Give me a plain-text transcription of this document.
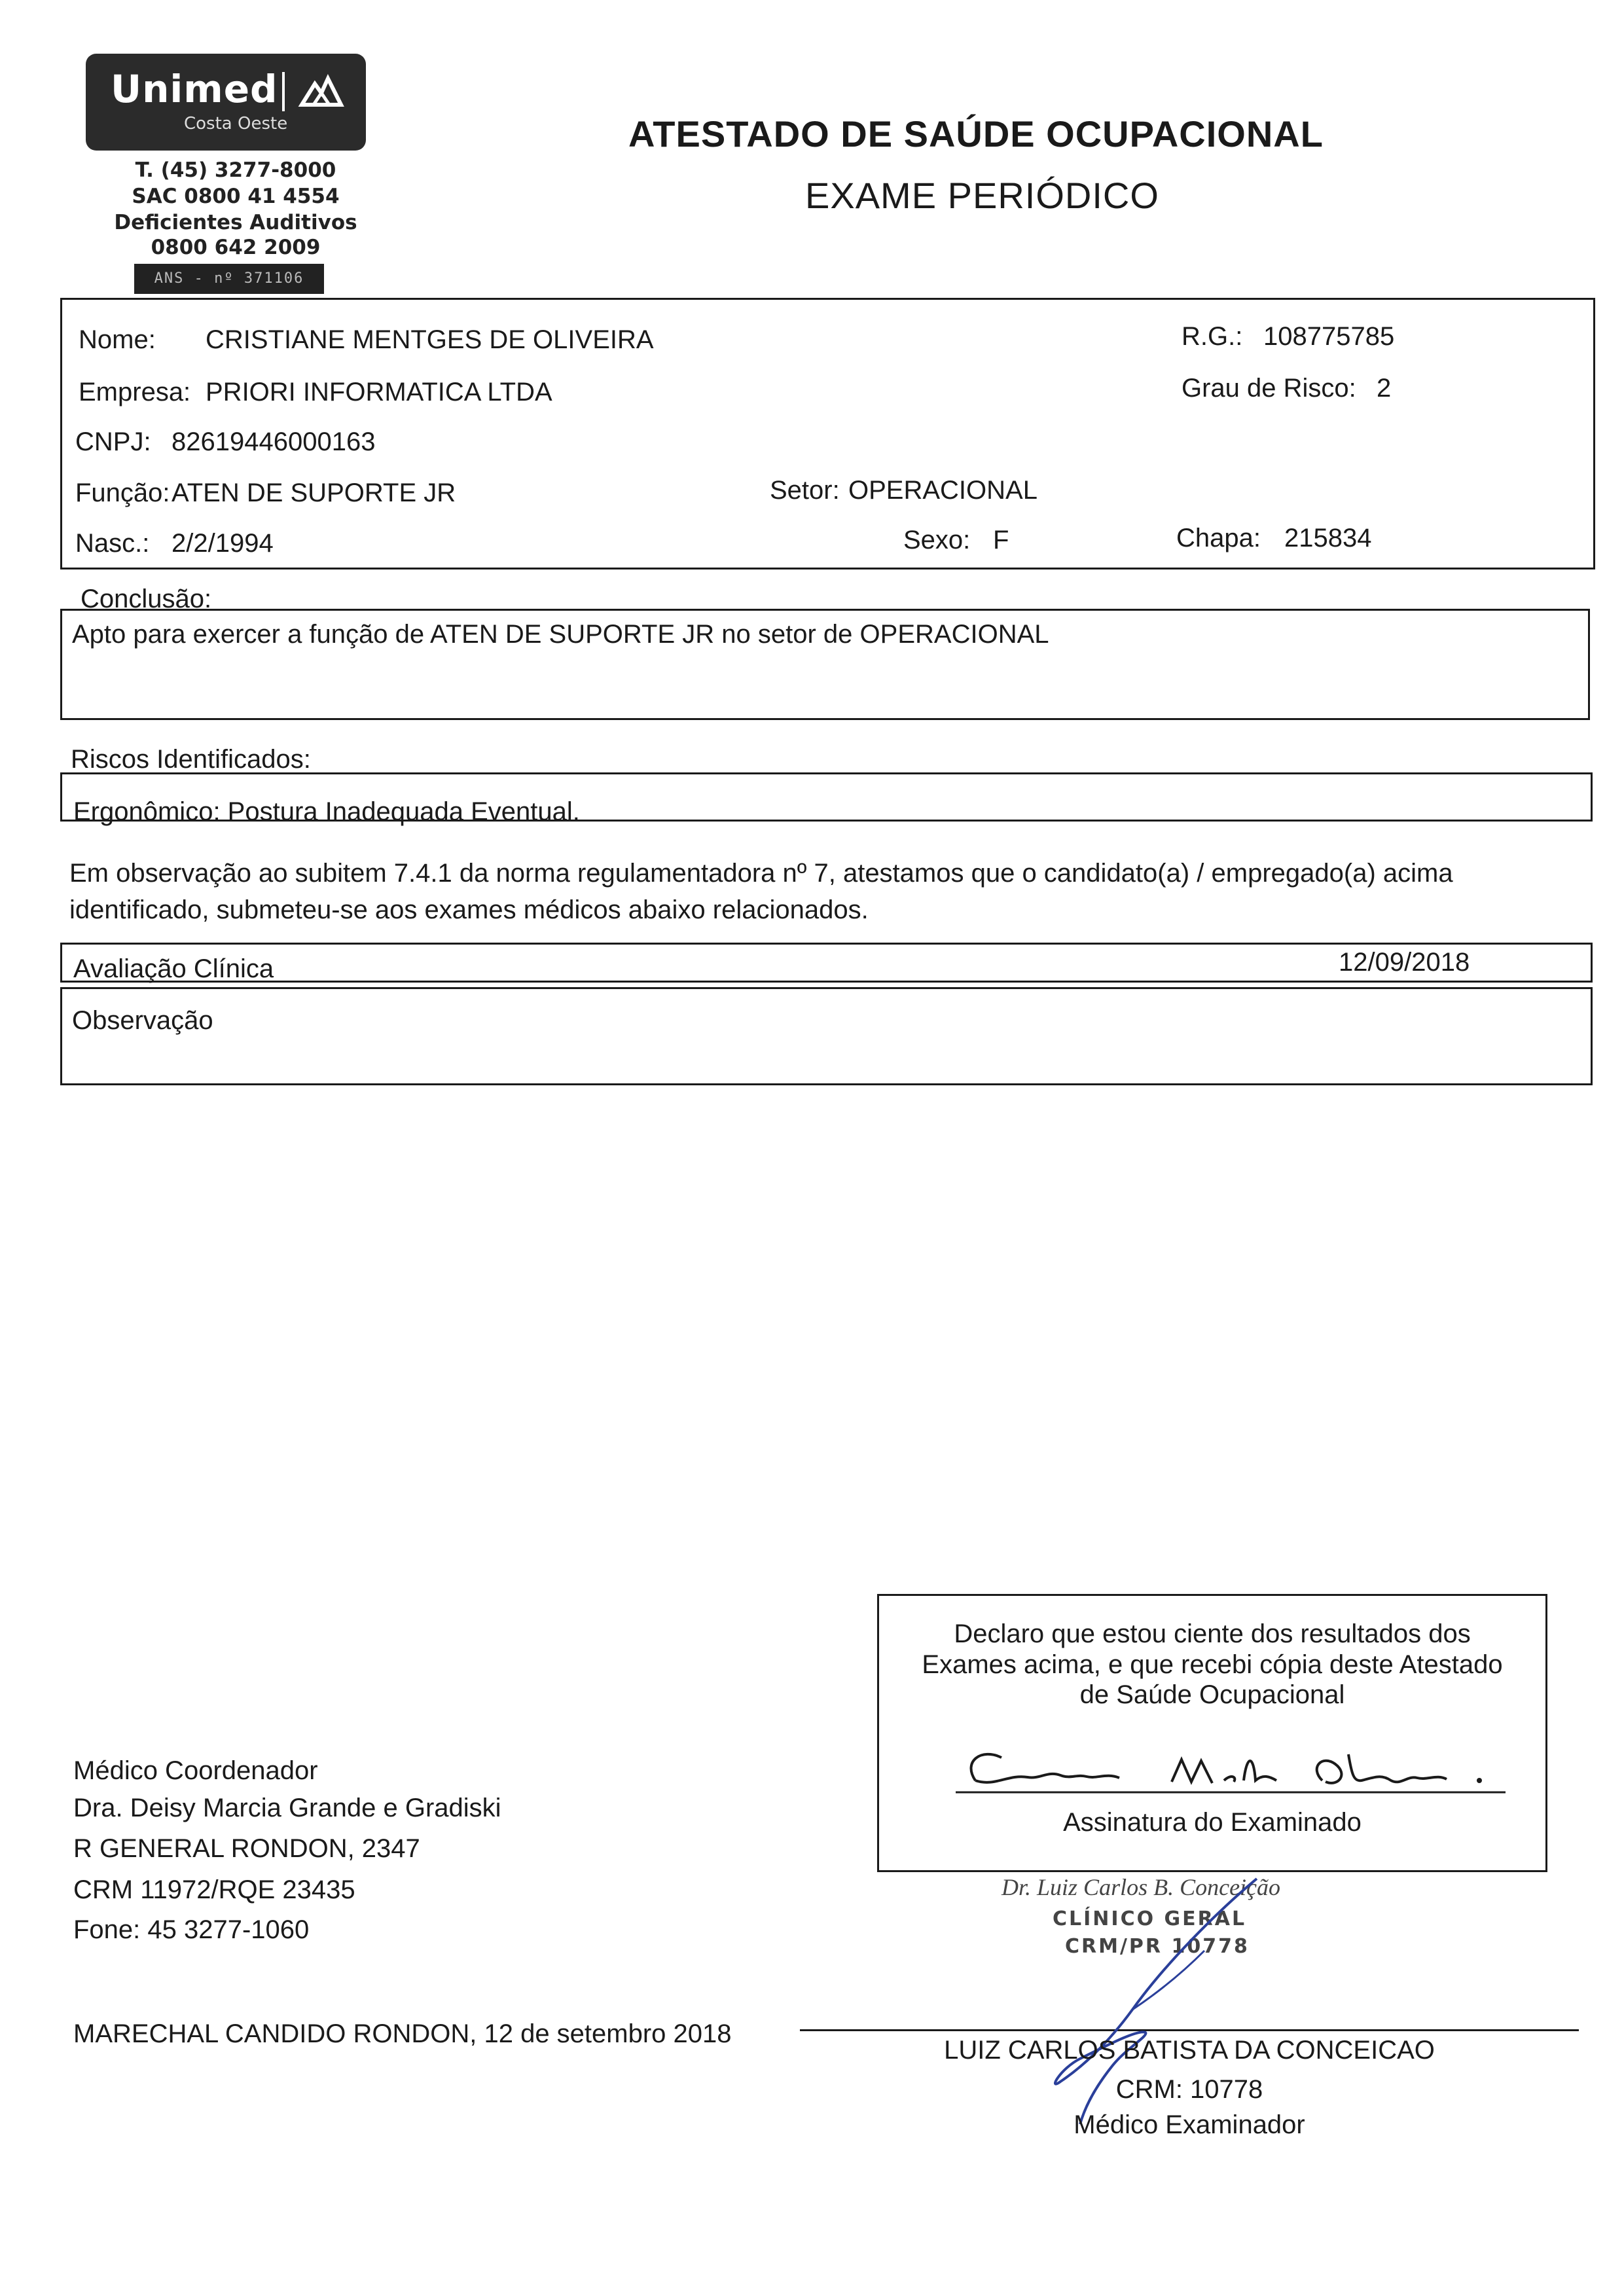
Unimed
Costa Oeste
T. (45) 3277-8000
SAC 0800 41 4554
Deficientes Auditivos
0800 642 2009
ANS - nº 371106
ATESTADO DE SAÚDE OCUPACIONAL
EXAME PERIÓDICO
Nome: CRISTIANE MENTGES DE OLIVEIRA	R.G.: 108775785
Empresa: PRIORI INFORMATICA LTDA	Grau de Risco: 2
CNPJ: 82619446000163
Função: ATEN DE SUPORTE JR	Setor: OPERACIONAL
Nasc.: 2/2/1994	Sexo: F	Chapa: 215834
Conclusão:
Apto para exercer a função de ATEN DE SUPORTE JR no setor de OPERACIONAL
Riscos Identificados:
Ergonômico: Postura Inadequada Eventual.
Em observação ao subitem 7.4.1 da norma regulamentadora nº 7, atestamos que o candidato(a) / empregado(a) acima
identificado, submeteu-se aos exames médicos abaixo relacionados.
Avaliação Clínica	12/09/2018
Observação
Declaro que estou ciente dos resultados dos
Exames acima, e que recebi cópia deste Atestado
de Saúde Ocupacional
Assinatura do Examinado
Médico Coordenador
Dra. Deisy Marcia Grande e Gradiski
R GENERAL RONDON, 2347
CRM 11972/RQE 23435
Fone: 45 3277-1060
MARECHAL CANDIDO RONDON, 12 de setembro 2018
Dr. Luiz Carlos B. Conceição
CLÍNICO GERAL
CRM/PR 10778
LUIZ CARLOS BATISTA DA CONCEICAO
CRM: 10778
Médico Examinador
